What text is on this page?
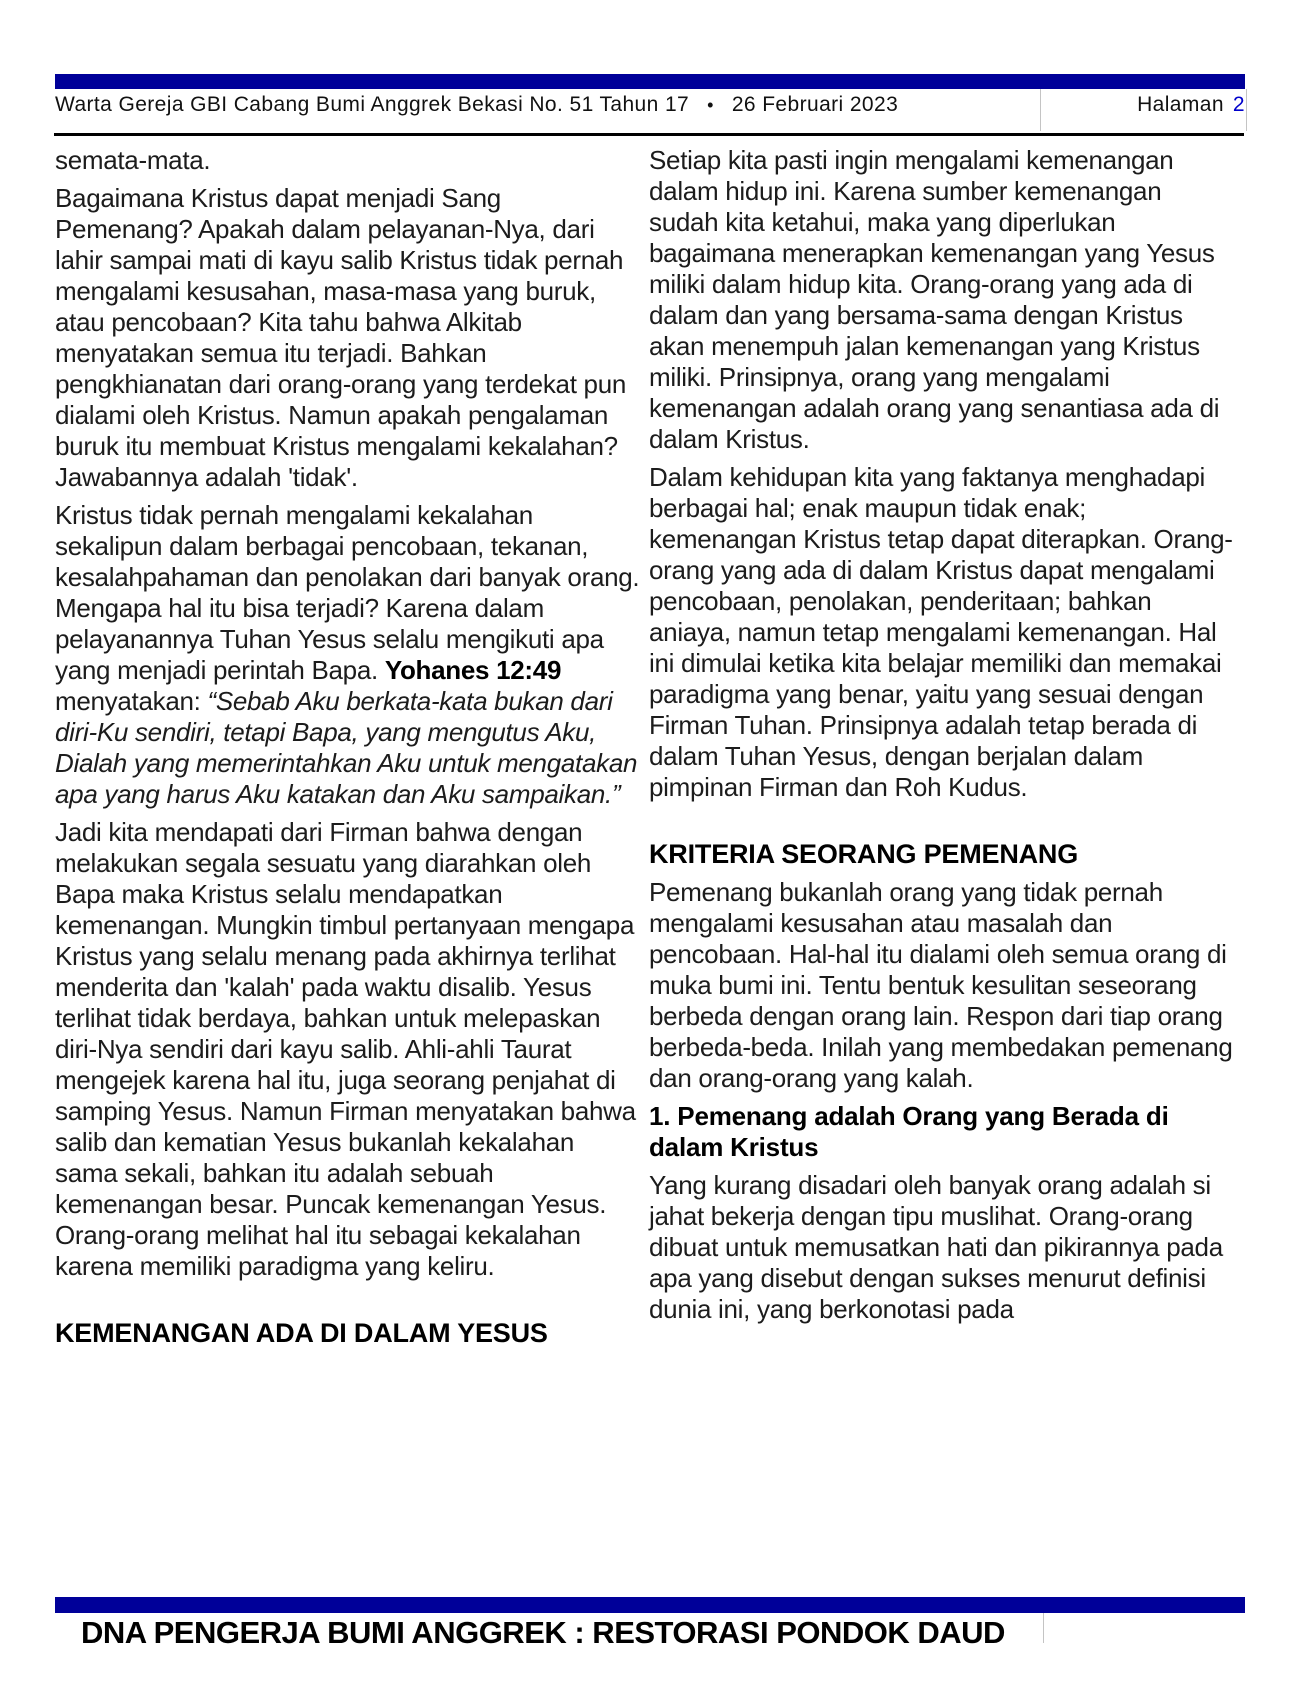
Warta Gereja GBI Cabang Bumi Anggrek Bekasi No. 51 Tahun 17 • 26 Februari 2023	Halaman 2

semata-mata.

Bagaimana Kristus dapat menjadi Sang Pemenang? Apakah dalam pelayanan-Nya, dari lahir sampai mati di kayu salib Kristus tidak pernah mengalami kesusahan, masa-masa yang buruk, atau pencobaan? Kita tahu bahwa Alkitab menyatakan semua itu terjadi. Bahkan pengkhianatan dari orang-orang yang terdekat pun dialami oleh Kristus. Namun apakah pengalaman buruk itu membuat Kristus mengalami kekalahan? Jawabannya adalah 'tidak'.

Kristus tidak pernah mengalami kekalahan sekalipun dalam berbagai pencobaan, tekanan, kesalahpahaman dan penolakan dari banyak orang. Mengapa hal itu bisa terjadi? Karena dalam pelayanannya Tuhan Yesus selalu mengikuti apa yang menjadi perintah Bapa. Yohanes 12:49 menyatakan: “Sebab Aku berkata-kata bukan dari diri-Ku sendiri, tetapi Bapa, yang mengutus Aku, Dialah yang memerintahkan Aku untuk mengatakan apa yang harus Aku katakan dan Aku sampaikan.”

Jadi kita mendapati dari Firman bahwa dengan melakukan segala sesuatu yang diarahkan oleh Bapa maka Kristus selalu mendapatkan kemenangan. Mungkin timbul pertanyaan mengapa Kristus yang selalu menang pada akhirnya terlihat menderita dan 'kalah' pada waktu disalib. Yesus terlihat tidak berdaya, bahkan untuk melepaskan diri-Nya sendiri dari kayu salib. Ahli-ahli Taurat mengejek karena hal itu, juga seorang penjahat di samping Yesus. Namun Firman menyatakan bahwa salib dan kematian Yesus bukanlah kekalahan sama sekali, bahkan itu adalah sebuah kemenangan besar. Puncak kemenangan Yesus. Orang-orang melihat hal itu sebagai kekalahan karena memiliki paradigma yang keliru.

KEMENANGAN ADA DI DALAM YESUS

Setiap kita pasti ingin mengalami kemenangan dalam hidup ini. Karena sumber kemenangan sudah kita ketahui, maka yang diperlukan bagaimana menerapkan kemenangan yang Yesus miliki dalam hidup kita. Orang-orang yang ada di dalam dan yang bersama-sama dengan Kristus akan menempuh jalan kemenangan yang Kristus miliki. Prinsipnya, orang yang mengalami kemenangan adalah orang yang senantiasa ada di dalam Kristus.

Dalam kehidupan kita yang faktanya menghadapi berbagai hal; enak maupun tidak enak; kemenangan Kristus tetap dapat diterapkan. Orang-orang yang ada di dalam Kristus dapat mengalami pencobaan, penolakan, penderitaan; bahkan aniaya, namun tetap mengalami kemenangan. Hal ini dimulai ketika kita belajar memiliki dan memakai paradigma yang benar, yaitu yang sesuai dengan Firman Tuhan. Prinsipnya adalah tetap berada di dalam Tuhan Yesus, dengan berjalan dalam pimpinan Firman dan Roh Kudus.

KRITERIA SEORANG PEMENANG

Pemenang bukanlah orang yang tidak pernah mengalami kesusahan atau masalah dan pencobaan. Hal-hal itu dialami oleh semua orang di muka bumi ini. Tentu bentuk kesulitan seseorang berbeda dengan orang lain. Respon dari tiap orang berbeda-beda. Inilah yang membedakan pemenang dan orang-orang yang kalah.

1. Pemenang adalah Orang yang Berada di dalam Kristus

Yang kurang disadari oleh banyak orang adalah si jahat bekerja dengan tipu muslihat. Orang-orang dibuat untuk memusatkan hati dan pikirannya pada apa yang disebut dengan sukses menurut definisi dunia ini, yang berkonotasi pada

DNA PENGERJA BUMI ANGGREK : RESTORASI PONDOK DAUD
